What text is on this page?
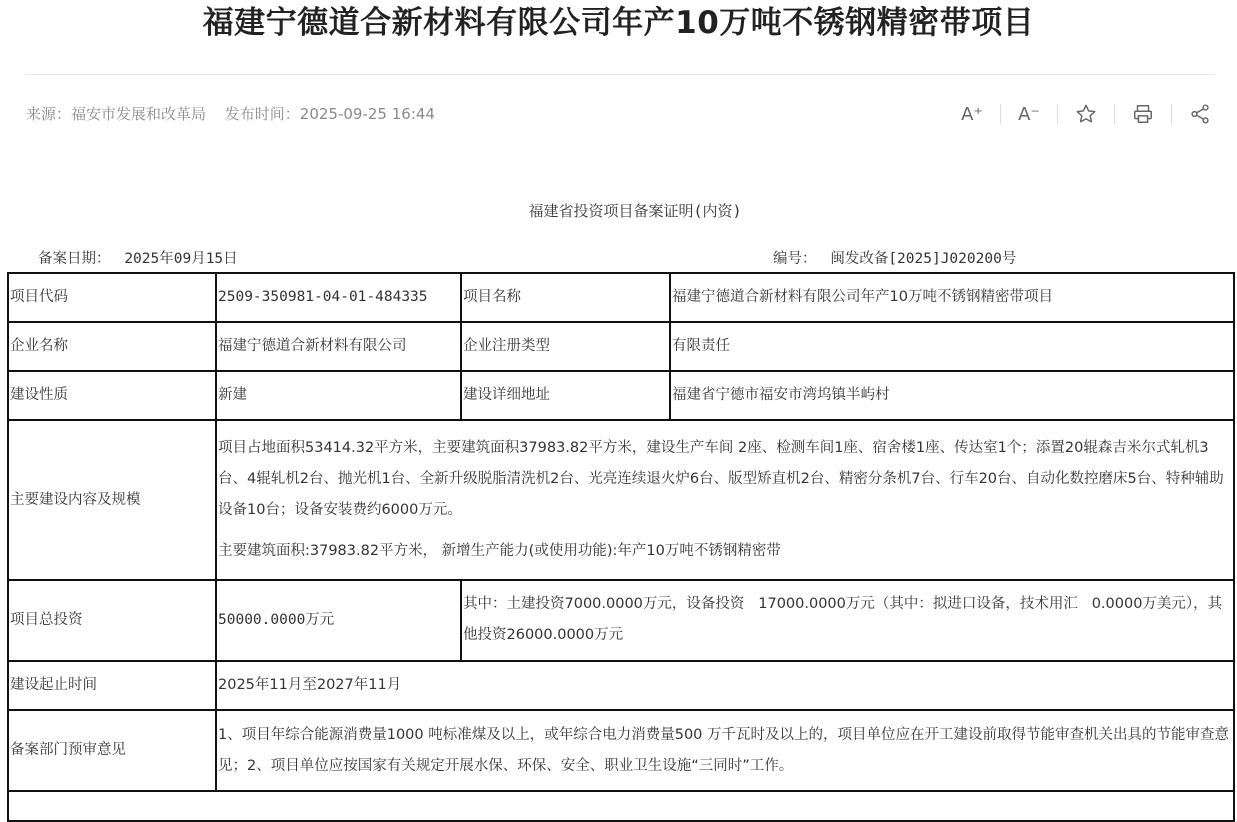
福建宁德道合新材料有限公司年产10万吨不锈钢精密带项目
来源：福安市发展和改革局 发布时间：2025-09-25 16:44	A⁺ A⁻
福建省投资项目备案证明(内资)
备案日期： 2025年09月15日	编号： 闽发改备[2025]J020200号
项目代码	2509-350981-04-01-484335	项目名称	福建宁德道合新材料有限公司年产10万吨不锈钢精密带项目
企业名称	福建宁德道合新材料有限公司	企业注册类型	有限责任
建设性质	新建	建设详细地址	福建省宁德市福安市湾坞镇半屿村
主要建设内容及规模	项目占地面积53414.32平方米，主要建筑面积37983.82平方米，建设生产车间 2座、检测车间1座、宿舍楼1座、传达室1个；添置20辊森吉米尔式轧机3台、4辊轧机2台、抛光机1台、全新升级脱脂清洗机2台、光亮连续退火炉6台、版型矫直机2台、精密分条机7台、行车20台、自动化数控磨床5台、特种辅助设备10台；设备安装费约6000万元。
主要建筑面积:37983.82平方米， 新增生产能力(或使用功能):年产10万吨不锈钢精密带		

项目总投资	50000.0000万元	其中：土建投资7000.0000万元，设备投资   17000.0000万元（其中：拟进口设备，技术用汇   0.0000万美元），其他投资26000.0000万元	
建设起止时间	2025年11月至2027年11月		
备案部门预审意见	1、项目年综合能源消费量1000 吨标准煤及以上，或年综合电力消费量500 万千瓦时及以上的，项目单位应在开工建设前取得节能审查机关出具的节能审查意见；2、项目单位应按国家有关规定开展水保、环保、安全、职业卫生设施“三同时”工作。		
